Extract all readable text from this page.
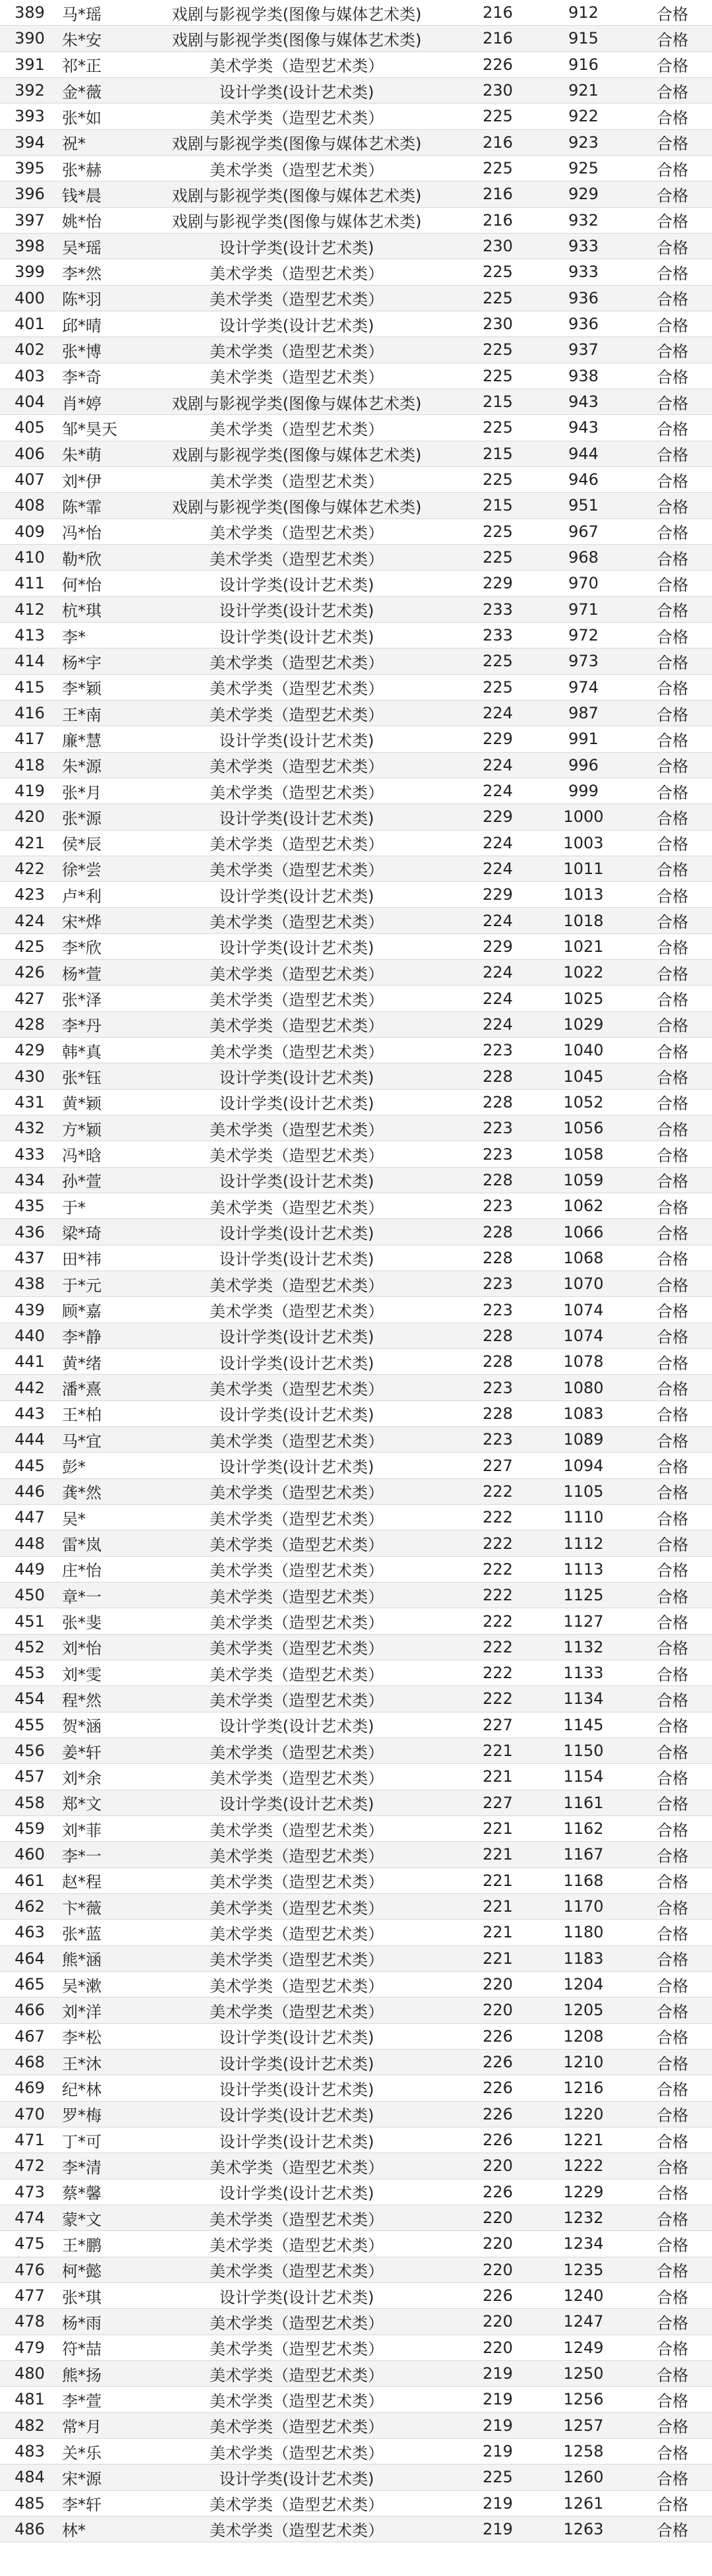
389	马*瑶	戏剧与影视学类(图像与媒体艺术类)	216	912	合格
390	朱*安	戏剧与影视学类(图像与媒体艺术类)	216	915	合格
391	祁*正	美术学类（造型艺术类）	226	916	合格
392	金*薇	设计学类(设计艺术类)	230	921	合格
393	张*如	美术学类（造型艺术类）	225	922	合格
394	祝*	戏剧与影视学类(图像与媒体艺术类)	216	923	合格
395	张*赫	美术学类（造型艺术类）	225	925	合格
396	钱*晨	戏剧与影视学类(图像与媒体艺术类)	216	929	合格
397	姚*怡	戏剧与影视学类(图像与媒体艺术类)	216	932	合格
398	吴*瑶	设计学类(设计艺术类)	230	933	合格
399	李*然	美术学类（造型艺术类）	225	933	合格
400	陈*羽	美术学类（造型艺术类）	225	936	合格
401	邱*晴	设计学类(设计艺术类)	230	936	合格
402	张*博	美术学类（造型艺术类）	225	937	合格
403	李*奇	美术学类（造型艺术类）	225	938	合格
404	肖*婷	戏剧与影视学类(图像与媒体艺术类)	215	943	合格
405	邹*昊天	美术学类（造型艺术类）	225	943	合格
406	朱*萌	戏剧与影视学类(图像与媒体艺术类)	215	944	合格
407	刘*伊	美术学类（造型艺术类）	225	946	合格
408	陈*霏	戏剧与影视学类(图像与媒体艺术类)	215	951	合格
409	冯*怡	美术学类（造型艺术类）	225	967	合格
410	勒*欣	美术学类（造型艺术类）	225	968	合格
411	何*怡	设计学类(设计艺术类)	229	970	合格
412	杭*琪	设计学类(设计艺术类)	233	971	合格
413	李*	设计学类(设计艺术类)	233	972	合格
414	杨*宇	美术学类（造型艺术类）	225	973	合格
415	李*颖	美术学类（造型艺术类）	225	974	合格
416	王*南	美术学类（造型艺术类）	224	987	合格
417	廉*慧	设计学类(设计艺术类)	229	991	合格
418	朱*源	美术学类（造型艺术类）	224	996	合格
419	张*月	美术学类（造型艺术类）	224	999	合格
420	张*源	设计学类(设计艺术类)	229	1000	合格
421	侯*辰	美术学类（造型艺术类）	224	1003	合格
422	徐*尝	美术学类（造型艺术类）	224	1011	合格
423	卢*利	设计学类(设计艺术类)	229	1013	合格
424	宋*烨	美术学类（造型艺术类）	224	1018	合格
425	李*欣	设计学类(设计艺术类)	229	1021	合格
426	杨*萱	美术学类（造型艺术类）	224	1022	合格
427	张*泽	美术学类（造型艺术类）	224	1025	合格
428	李*丹	美术学类（造型艺术类）	224	1029	合格
429	韩*真	美术学类（造型艺术类）	223	1040	合格
430	张*钰	设计学类(设计艺术类)	228	1045	合格
431	黄*颖	设计学类(设计艺术类)	228	1052	合格
432	方*颖	美术学类（造型艺术类）	223	1056	合格
433	冯*晗	美术学类（造型艺术类）	223	1058	合格
434	孙*萱	设计学类(设计艺术类)	228	1059	合格
435	于*	美术学类（造型艺术类）	223	1062	合格
436	梁*琦	设计学类(设计艺术类)	228	1066	合格
437	田*祎	设计学类(设计艺术类)	228	1068	合格
438	于*元	美术学类（造型艺术类）	223	1070	合格
439	顾*嘉	美术学类（造型艺术类）	223	1074	合格
440	李*静	设计学类(设计艺术类)	228	1074	合格
441	黄*绪	设计学类(设计艺术类)	228	1078	合格
442	潘*熹	美术学类（造型艺术类）	223	1080	合格
443	王*柏	设计学类(设计艺术类)	228	1083	合格
444	马*宜	美术学类（造型艺术类）	223	1089	合格
445	彭*	设计学类(设计艺术类)	227	1094	合格
446	龚*然	美术学类（造型艺术类）	222	1105	合格
447	吴*	美术学类（造型艺术类）	222	1110	合格
448	雷*岚	美术学类（造型艺术类）	222	1112	合格
449	庄*怡	美术学类（造型艺术类）	222	1113	合格
450	章*一	美术学类（造型艺术类）	222	1125	合格
451	张*斐	美术学类（造型艺术类）	222	1127	合格
452	刘*怡	美术学类（造型艺术类）	222	1132	合格
453	刘*雯	美术学类（造型艺术类）	222	1133	合格
454	程*然	美术学类（造型艺术类）	222	1134	合格
455	贺*涵	设计学类(设计艺术类)	227	1145	合格
456	姜*轩	美术学类（造型艺术类）	221	1150	合格
457	刘*余	美术学类（造型艺术类）	221	1154	合格
458	郑*文	设计学类(设计艺术类)	227	1161	合格
459	刘*菲	美术学类（造型艺术类）	221	1162	合格
460	李*一	美术学类（造型艺术类）	221	1167	合格
461	赵*程	美术学类（造型艺术类）	221	1168	合格
462	卞*薇	美术学类（造型艺术类）	221	1170	合格
463	张*蓝	美术学类（造型艺术类）	221	1180	合格
464	熊*涵	美术学类（造型艺术类）	221	1183	合格
465	吴*漱	美术学类（造型艺术类）	220	1204	合格
466	刘*洋	美术学类（造型艺术类）	220	1205	合格
467	李*松	设计学类(设计艺术类)	226	1208	合格
468	王*沐	设计学类(设计艺术类)	226	1210	合格
469	纪*林	设计学类(设计艺术类)	226	1216	合格
470	罗*梅	设计学类(设计艺术类)	226	1220	合格
471	丁*可	设计学类(设计艺术类)	226	1221	合格
472	李*清	美术学类（造型艺术类）	220	1222	合格
473	蔡*馨	设计学类(设计艺术类)	226	1229	合格
474	蒙*文	美术学类（造型艺术类）	220	1232	合格
475	王*鹏	美术学类（造型艺术类）	220	1234	合格
476	柯*懿	美术学类（造型艺术类）	220	1235	合格
477	张*琪	设计学类(设计艺术类)	226	1240	合格
478	杨*雨	美术学类（造型艺术类）	220	1247	合格
479	符*喆	美术学类（造型艺术类）	220	1249	合格
480	熊*扬	美术学类（造型艺术类）	219	1250	合格
481	李*萱	美术学类（造型艺术类）	219	1256	合格
482	常*月	美术学类（造型艺术类）	219	1257	合格
483	关*乐	美术学类（造型艺术类）	219	1258	合格
484	宋*源	设计学类(设计艺术类)	225	1260	合格
485	李*轩	美术学类（造型艺术类）	219	1261	合格
486	林*	美术学类（造型艺术类）	219	1263	合格
